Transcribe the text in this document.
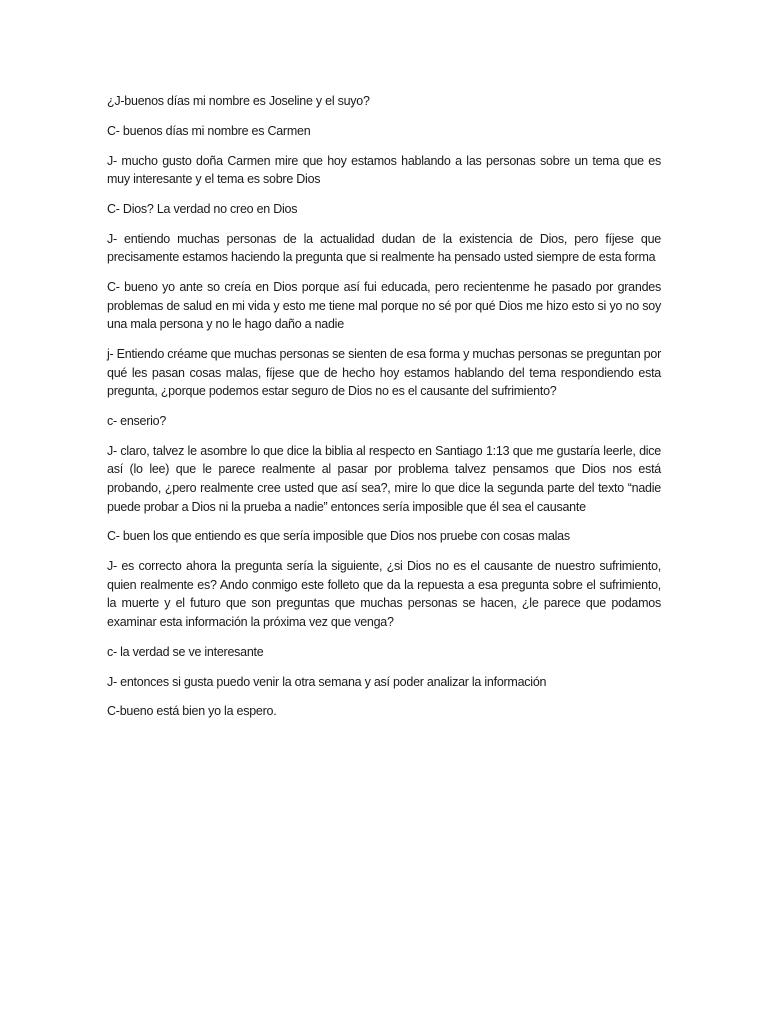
¿J-buenos días mi nombre es Joseline y el suyo?

C- buenos días mi nombre es Carmen

J- mucho gusto doña Carmen mire que hoy estamos hablando a las personas sobre un tema que es muy interesante y el tema es sobre Dios

C- Dios? La verdad no creo en Dios

J- entiendo muchas personas de la actualidad dudan de la existencia de Dios, pero fíjese que precisamente estamos haciendo la pregunta que si realmente ha pensado usted siempre de esta forma

C- bueno yo ante so creía en Dios porque así fui educada, pero recientenme he pasado por grandes problemas de salud en mi vida y esto me tiene mal porque no sé por qué Dios me hizo esto si yo no soy una mala persona y no le hago daño a nadie

j- Entiendo créame que muchas personas se sienten de esa forma y muchas personas se preguntan por qué les pasan cosas malas, fíjese que de hecho hoy estamos hablando del tema respondiendo esta pregunta, ¿porque podemos estar seguro de Dios no es el causante del sufrimiento?

c- enserio?

J- claro, talvez le asombre lo que dice la biblia al respecto en Santiago 1:13 que me gustaría leerle, dice así (lo lee) que le parece realmente al pasar por problema talvez pensamos que Dios nos está probando, ¿pero realmente cree usted que así sea?, mire lo que dice la segunda parte del texto “nadie puede probar a Dios ni la prueba a nadie” entonces sería imposible que él sea el causante

C- buen los que entiendo es que sería imposible que Dios nos pruebe con cosas malas

J- es correcto ahora la pregunta sería la siguiente, ¿si Dios no es el causante de nuestro sufrimiento, quien realmente es? Ando conmigo este folleto que da la repuesta a esa pregunta sobre el sufrimiento, la muerte y el futuro que son preguntas que muchas personas se hacen, ¿le parece que podamos examinar esta información la próxima vez que venga?

c- la verdad se ve interesante

J- entonces si gusta puedo venir la otra semana y así poder analizar la información

C-bueno está bien yo la espero.
